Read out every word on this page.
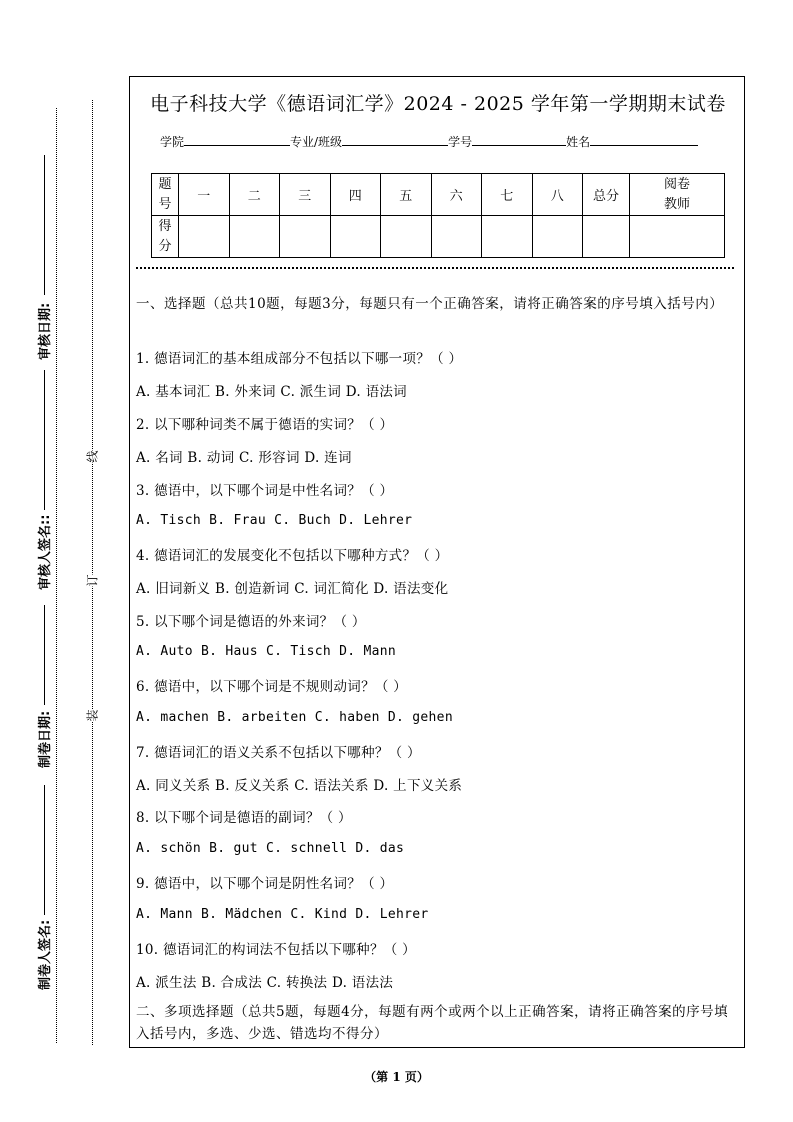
审核日期:
审核人签名::
制卷日期:
制卷人签名:
线
订
装
电子科技大学《德语词汇学》2024 - 2025 学年第一学期期末试卷
学院	专业/班级	学号	姓名
题
号	一	二	三	四	五	六	七	八	总分	阅卷
教师
得
分										
一、选择题（总共10题，每题3分，每题只有一个正确答案，请将正确答案的序号填入括号内）
1. 德语词汇的基本组成部分不包括以下哪一项？（ ）
A. 基本词汇 B. 外来词 C. 派生词 D. 语法词
2. 以下哪种词类不属于德语的实词？（ ）
A. 名词 B. 动词 C. 形容词 D. 连词
3. 德语中，以下哪个词是中性名词？（ ）
A. Tisch B. Frau C. Buch D. Lehrer
4. 德语词汇的发展变化不包括以下哪种方式？（ ）
A. 旧词新义 B. 创造新词 C. 词汇简化 D. 语法变化
5. 以下哪个词是德语的外来词？（ ）
A. Auto B. Haus C. Tisch D. Mann
6. 德语中，以下哪个词是不规则动词？（ ）
A. machen B. arbeiten C. haben D. gehen
7. 德语词汇的语义关系不包括以下哪种？（ ）
A. 同义关系 B. 反义关系 C. 语法关系 D. 上下义关系
8. 以下哪个词是德语的副词？（ ）
A. schön B. gut C. schnell D. das
9. 德语中，以下哪个词是阴性名词？（ ）
A. Mann B. Mädchen C. Kind D. Lehrer
10. 德语词汇的构词法不包括以下哪种？（ ）
A. 派生法 B. 合成法 C. 转换法 D. 语法法
二、多项选择题（总共5题，每题4分，每题有两个或两个以上正确答案，请将正确答案的序号填入括号内，多选、少选、错选均不得分）
（第 1 页）
